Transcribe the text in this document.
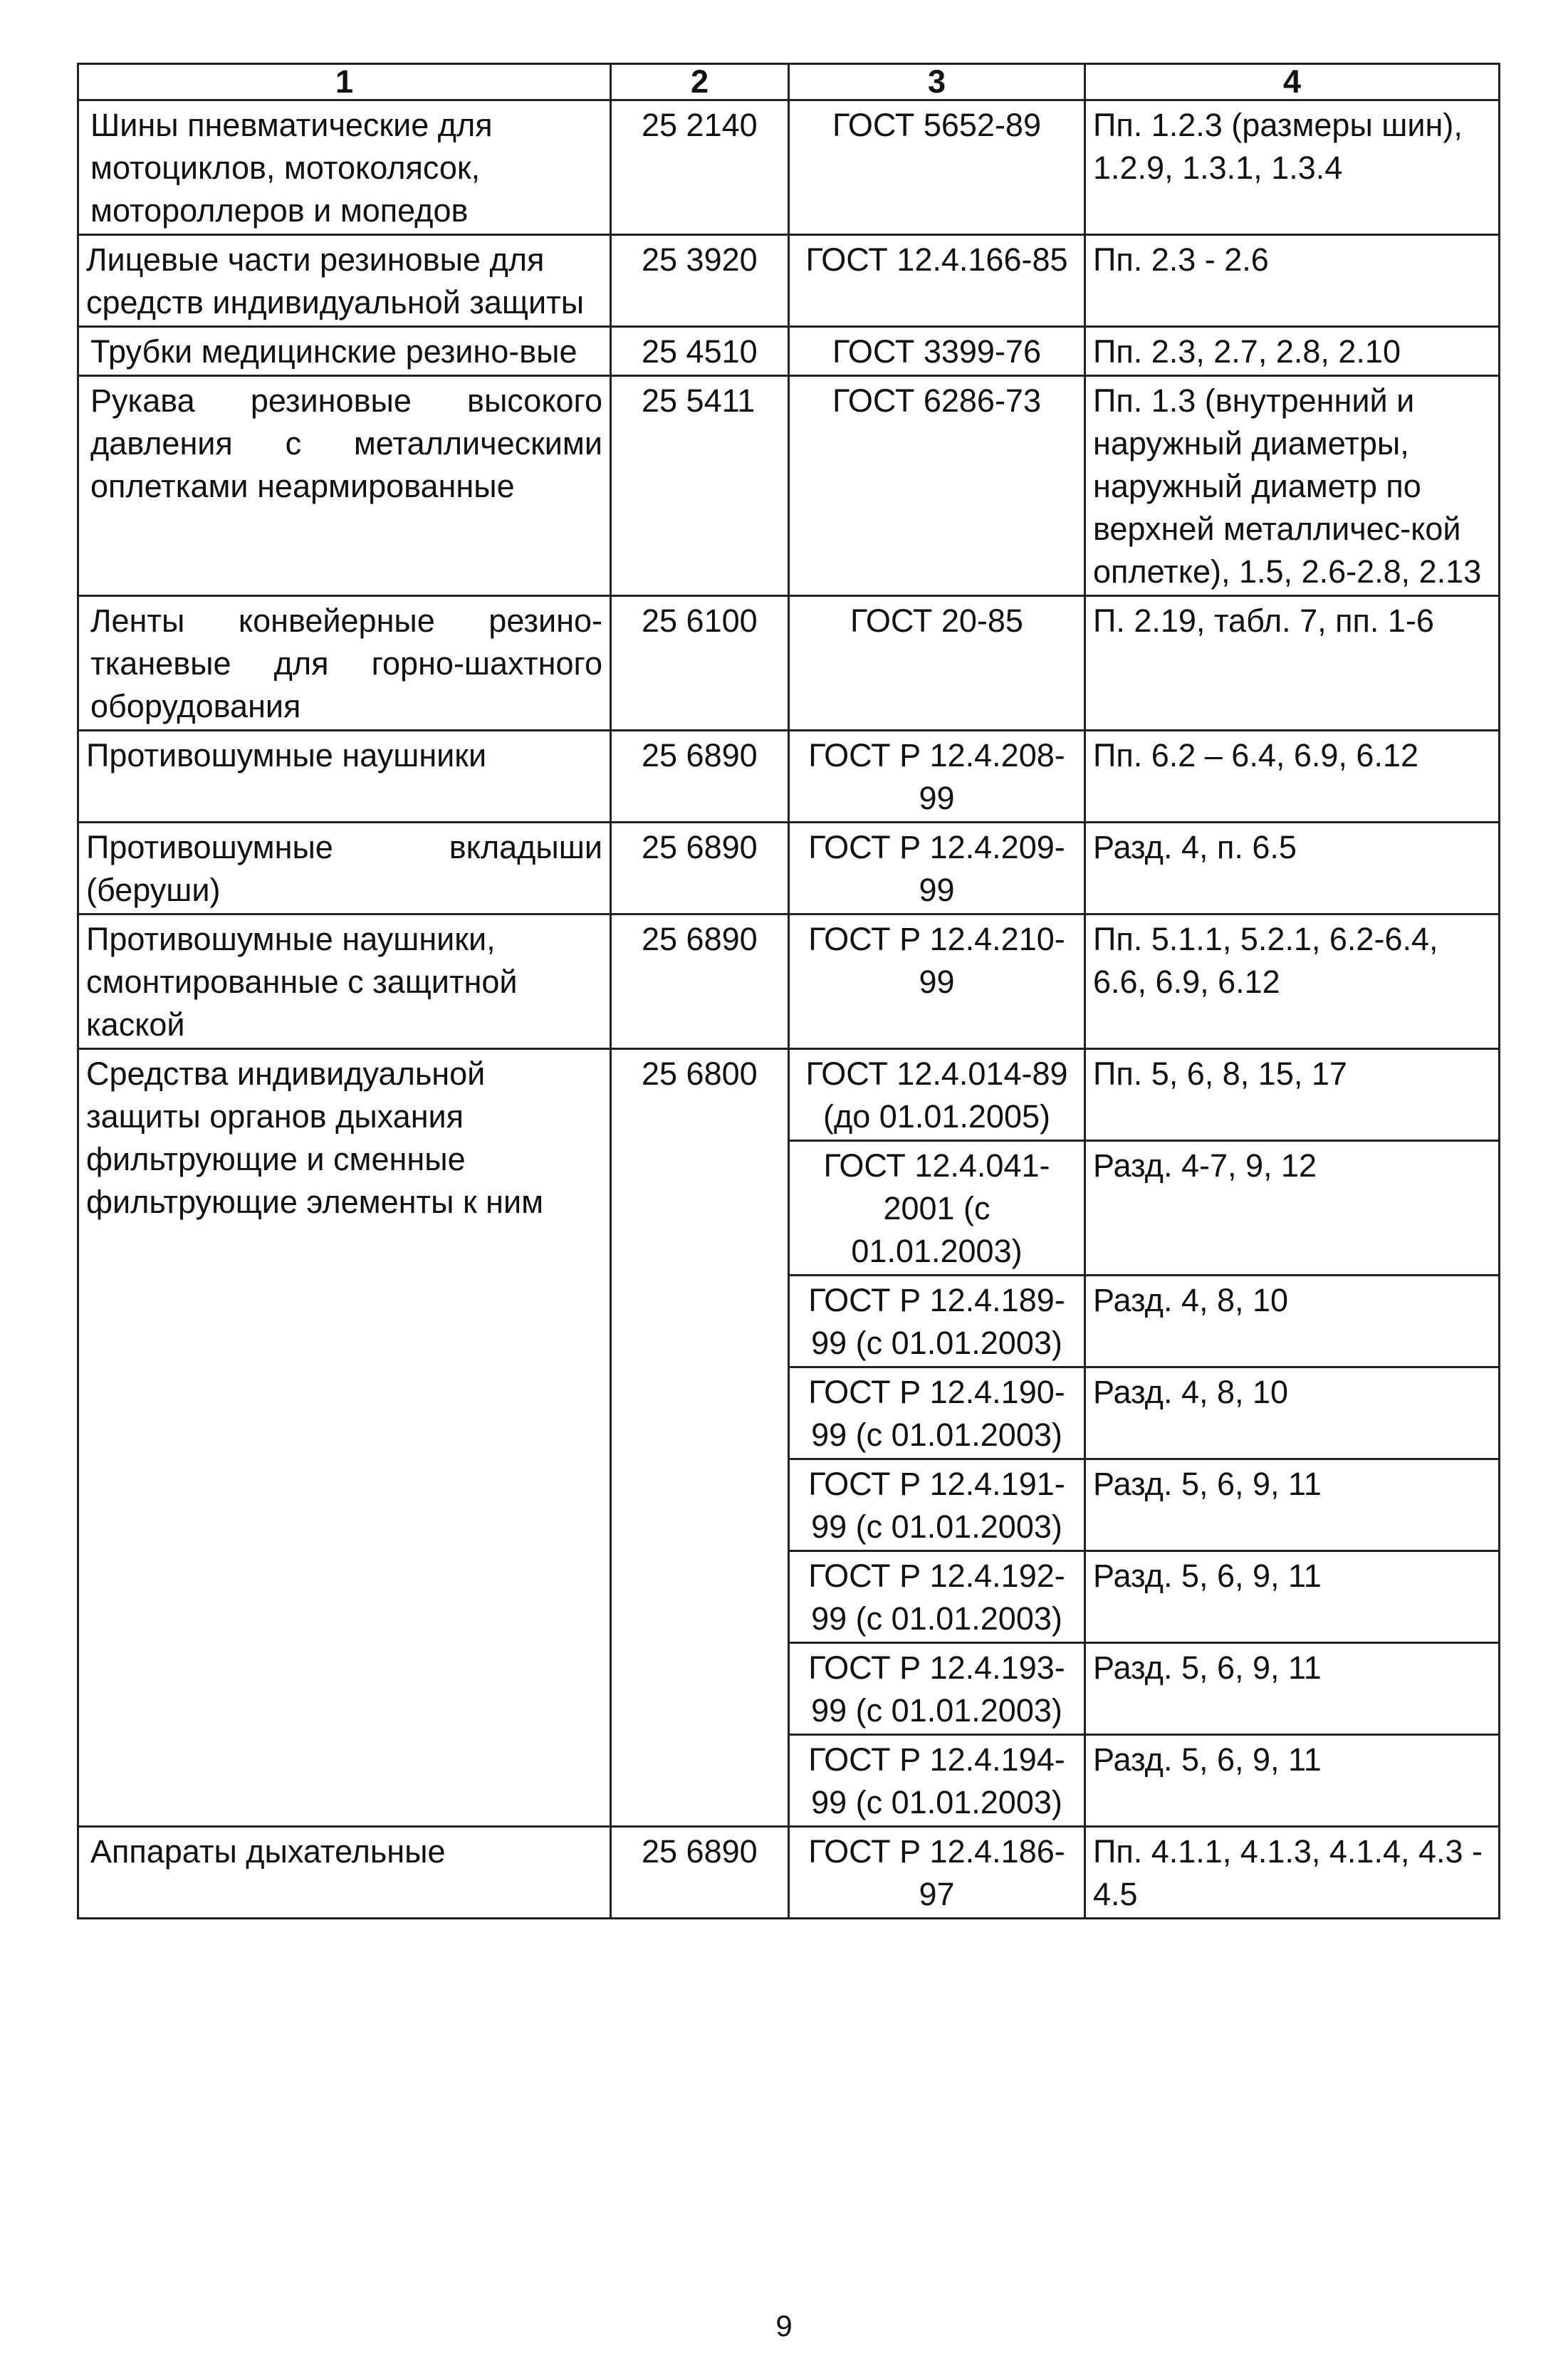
1	2	3	4
Шины пневматические для мотоциклов, мотоколясок, мотороллеров и мопедов	25 2140	ГОСТ 5652-89	Пп. 1.2.3 (размеры шин), 1.2.9, 1.3.1, 1.3.4
Лицевые части резиновые для средств индивидуальной защиты	25 3920	ГОСТ 12.4.166-85	Пп. 2.3 - 2.6
Трубки медицинские резино-вые	25 4510	ГОСТ 3399-76	Пп. 2.3, 2.7, 2.8, 2.10
Рукава резиновые высокого давления с металлическими оплетками неармированные	25 5411	ГОСТ 6286-73	Пп. 1.3 (внутренний и наружный диаметры, наружный диаметр по верхней металличес-кой оплетке), 1.5, 2.6-2.8, 2.13
Ленты конвейерные резино-тканевые для горно-шахтного оборудования	25 6100	ГОСТ 20-85	П. 2.19, табл. 7, пп. 1-6
Противошумные наушники	25 6890	ГОСТ Р 12.4.208-99	Пп. 6.2 – 6.4, 6.9, 6.12
Противошумные вкладыши (беруши)	25 6890	ГОСТ Р 12.4.209-99	Разд. 4, п. 6.5
Противошумные наушники, смонтированные с защитной каской	25 6890	ГОСТ Р 12.4.210-99	Пп. 5.1.1, 5.2.1, 6.2-6.4, 6.6, 6.9, 6.12
Средства индивидуальной защиты органов дыхания фильтрующие и сменные фильтрующие элементы к ним	25 6800	ГОСТ 12.4.014-89 (до 01.01.2005)	Пп. 5, 6, 8, 15, 17
		ГОСТ 12.4.041-2001 (с 01.01.2003)	Разд. 4-7, 9, 12
		ГОСТ Р 12.4.189-99 (с 01.01.2003)	Разд. 4, 8, 10
		ГОСТ Р 12.4.190-99 (с 01.01.2003)	Разд. 4, 8, 10
		ГОСТ Р 12.4.191-99 (с 01.01.2003)	Разд. 5, 6, 9, 11
		ГОСТ Р 12.4.192-99 (с 01.01.2003)	Разд. 5, 6, 9, 11
		ГОСТ Р 12.4.193-99 (с 01.01.2003)	Разд. 5, 6, 9, 11
		ГОСТ Р 12.4.194-99 (с 01.01.2003)	Разд. 5, 6, 9, 11
Аппараты дыхательные	25 6890	ГОСТ Р 12.4.186-97	Пп. 4.1.1, 4.1.3, 4.1.4, 4.3 - 4.5
9
